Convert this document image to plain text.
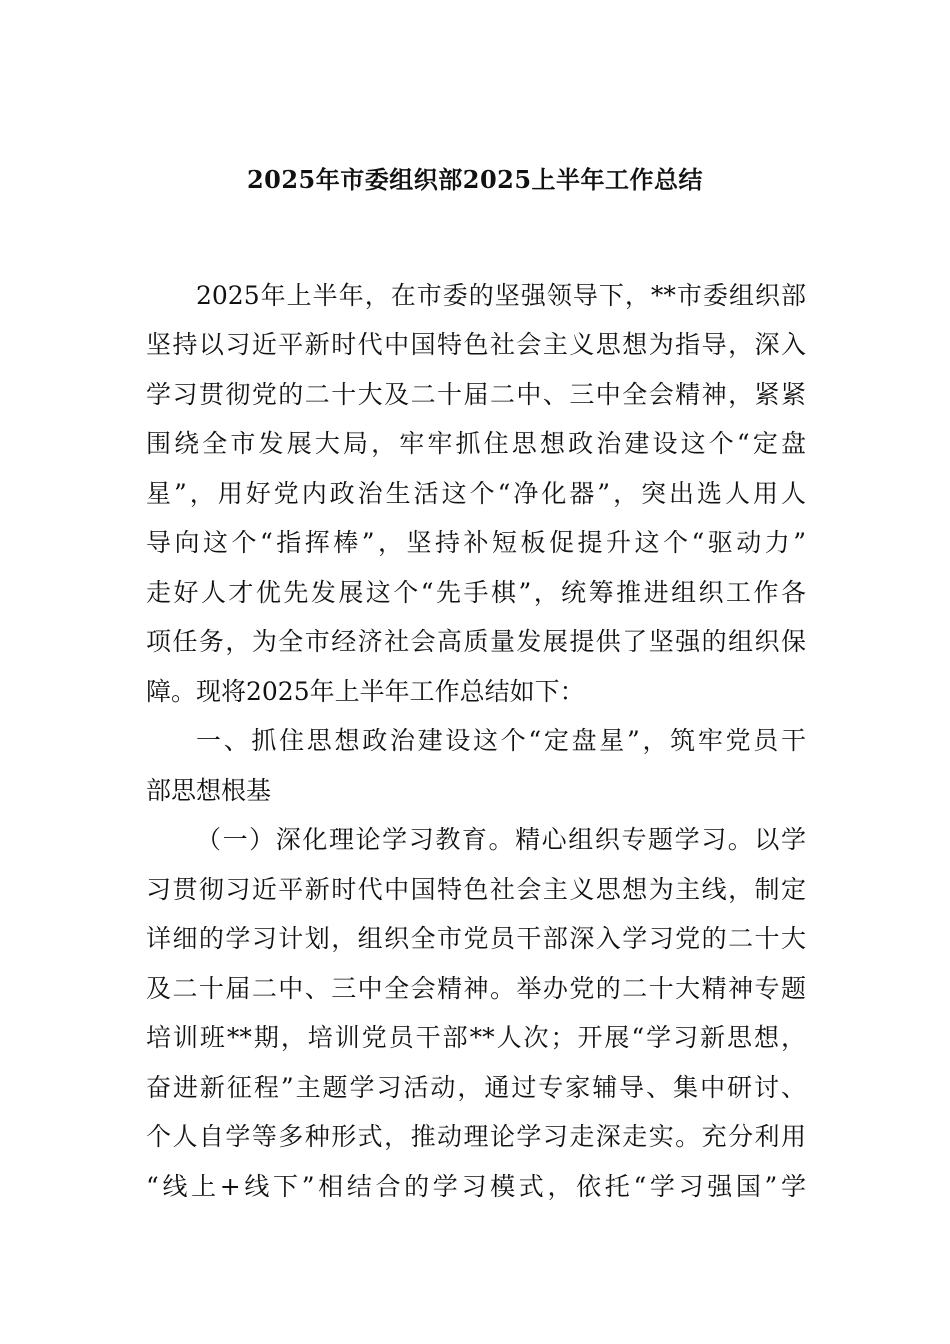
2025年市委组织部2025上半年工作总结
2025年上半年，在市委的坚强领导下，**市委组织部
坚持以习近平新时代中国特色社会主义思想为指导，深入
学习贯彻党的二十大及二十届二中、三中全会精神，紧紧
围绕全市发展大局，牢牢抓住思想政治建设这个“定盘
星”，用好党内政治生活这个“净化器”，突出选人用人
导向这个“指挥棒”，坚持补短板促提升这个“驱动力”
走好人才优先发展这个“先手棋”，统筹推进组织工作各
项任务，为全市经济社会高质量发展提供了坚强的组织保
障。现将2025年上半年工作总结如下：
一、抓住思想政治建设这个“定盘星”，筑牢党员干
部思想根基
（一）深化理论学习教育。精心组织专题学习。以学
习贯彻习近平新时代中国特色社会主义思想为主线，制定
详细的学习计划，组织全市党员干部深入学习党的二十大
及二十届二中、三中全会精神。举办党的二十大精神专题
培训班**期，培训党员干部**人次；开展“学习新思想，
奋进新征程”主题学习活动，通过专家辅导、集中研讨、
个人自学等多种形式，推动理论学习走深走实。充分利用
“线上+线下”相结合的学习模式，依托“学习强国”学
